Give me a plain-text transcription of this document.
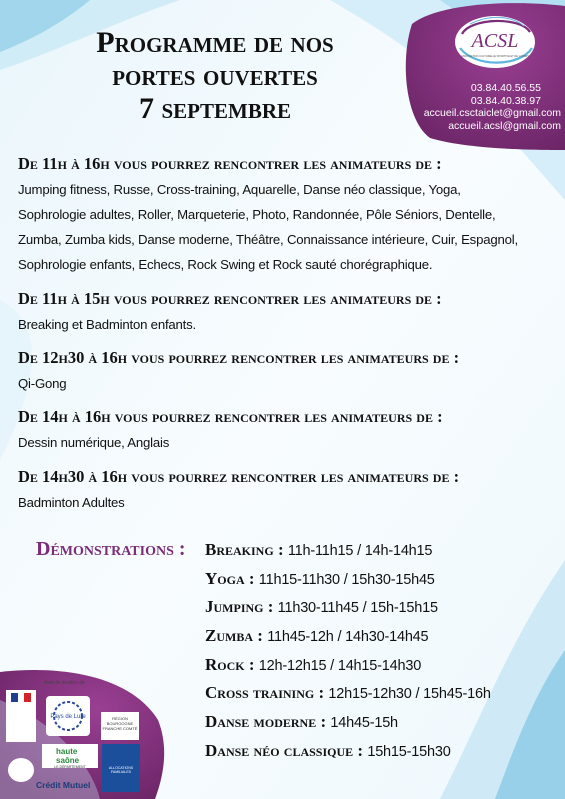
Programme de nos
portes ouvertes
7 septembre
ACSL
ASSOCIATION CULTURELLE SPORTIVE ET DE LOISIRS
03.84.40.56.55
03.84.40.38.97
accueil.csctaiclet@gmail.com
accueil.acsl@gmail.com
De 11h à 16h vous pourrez rencontrer les animateurs de :
Jumping fitness, Russe, Cross-training, Aquarelle, Danse néo classique, Yoga,
Sophrologie adultes, Roller, Marqueterie, Photo, Randonnée, Pôle Séniors, Dentelle,
Zumba, Zumba kids, Danse moderne, Théâtre, Connaissance intérieure, Cuir, Espagnol,
Sophrologie enfants, Echecs, Rock Swing et Rock sauté chorégraphique.
De 11h à 15h vous pourrez rencontrer les animateurs de :
Breaking et Badminton enfants.
De 12h30 à 16h vous pourrez rencontrer les animateurs de :
Qi-Gong
De 14h à 16h vous pourrez rencontrer les animateurs de :
Dessin numérique, Anglais
De 14h30 à 16h vous pourrez rencontrer les animateurs de :
Badminton Adultes
Démonstrations : Breaking : 11h-11h15 / 14h-14h15
Yoga : 11h15-11h30 / 15h30-15h45
Jumping : 11h30-11h45 / 15h-15h15
Zumba : 11h45-12h / 14h30-14h45
Rock : 12h-12h15 / 14h15-14h30
Cross training : 12h15-12h30 / 15h45-16h
Danse moderne : 14h45-15h
Danse néo classique : 15h15-15h30
Avec le soutien de
Pays de Lure	RÉGION BOURGOGNE FRANCHE COMTÉ
haute saône
LE DÉPARTEMENT	ALLOCATIONS FAMILIALES
Crédit Mutuel
